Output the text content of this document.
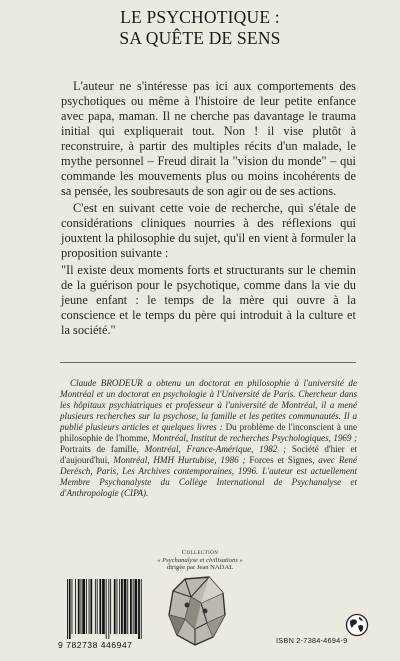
LE PSYCHOTIQUE :
SA QUÊTE DE SENS

L'auteur ne s'intéresse pas ici aux comportements des psychotiques ou même à l'histoire de leur petite enfance avec papa, maman. Il ne cherche pas davantage le trauma initial qui expliquerait tout. Non ! il vise plutôt à reconstruire, à partir des multiples récits d'un malade, le mythe personnel – Freud dirait la "vision du monde" – qui commande les mouvements plus ou moins incohérents de sa pensée, les soubresauts de son agir ou de ses actions.

C'est en suivant cette voie de recherche, qui s'étale de considérations cliniques nourries à des réflexions qui jouxtent la philosophie du sujet, qu'il en vient à formuler la proposition suivante :

"Il existe deux moments forts et structurants sur le chemin de la guérison pour le psychotique, comme dans la vie du jeune enfant : le temps de la mère qui ouvre à la conscience et le temps du père qui introduit à la culture et la société."

Claude BRODEUR a obtenu un doctorat en philosophie à l'université de Montréal et un doctorat en psychologie à l'Université de Paris. Chercheur dans les hôpitaux psychiatriques et professeur à l'université de Montréal, il a mené plusieurs recherches sur la psychose, la famille et les petites communautés. Il a publié plusieurs articles et quelques livres : Du problème de l'inconscient à une philosophie de l'homme, Montréal, Institut de recherches Psychologiques, 1969 ; Portraits de famille, Montréal, France-Amérique, 1982 ; Société d'hier et d'aujourd'hui, Montréal, HMH Hurtubise, 1986 ; Forces et Signes, avec René Derésch, Paris, Les Archives contemporaines, 1996. L'auteur est actuellement Membre Psychanalyste du Collège International de Psychanalyse et d'Anthropologie (CIPA).

Collection
« Psychanalyse et civilisations »
dirigée par Jean NADAL
9 782738 446947	ISBN 2-7384-4694-9
